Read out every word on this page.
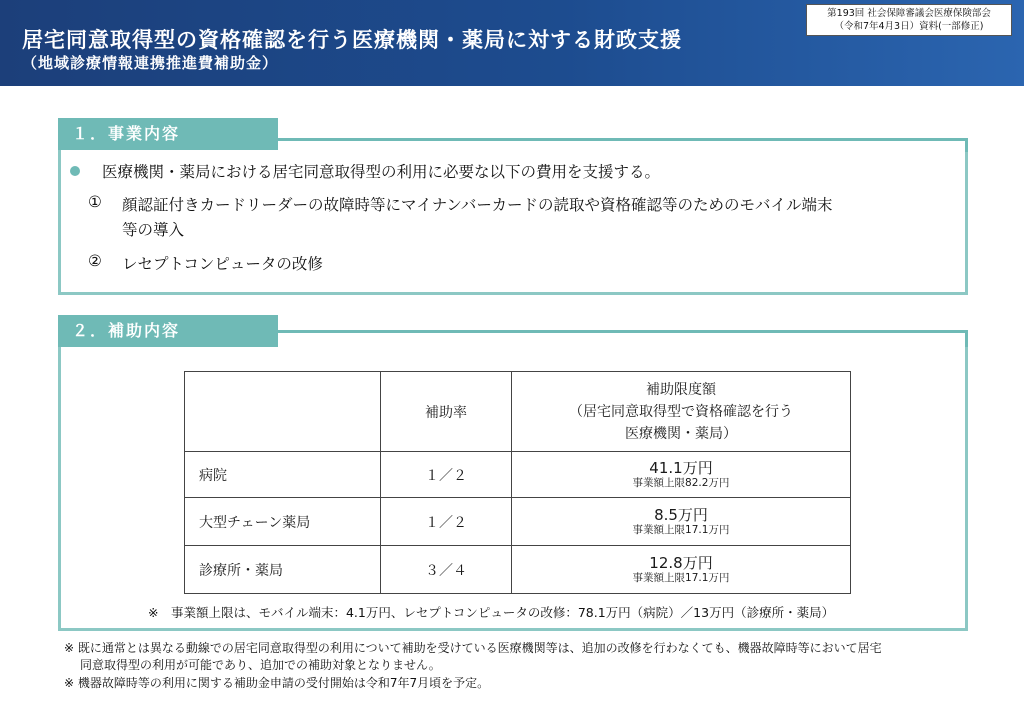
居宅同意取得型の資格確認を行う医療機関・薬局に対する財政支援
（地域診療情報連携推進費補助金）
第193回 社会保障審議会医療保険部会
（令和7年4月3日）資料(一部修正)
１．事業内容
医療機関・薬局における居宅同意取得型の利用に必要な以下の費用を支援する。
① 顔認証付きカードリーダーの故障時等にマイナンバーカードの読取や資格確認等のためのモバイル端末
等の導入
② レセプトコンピュータの改修
２．補助内容
	補助率	補助限度額
（居宅同意取得型で資格確認を行う
医療機関・薬局）

病院	１／２	41.1万円
事業額上限82.2万円

大型チェーン薬局	１／２	8.5万円
事業額上限17.1万円

診療所・薬局	３／４	12.8万円
事業額上限17.1万円
※　事業額上限は、モバイル端末：4.1万円、レセプトコンピュータの改修：78.1万円（病院）／13万円（診療所・薬局）
※ 既に通常とは異なる動線での居宅同意取得型の利用について補助を受けている医療機関等は、追加の改修を行わなくても、機器故障時等において居宅
同意取得型の利用が可能であり、追加での補助対象となりません。
※ 機器故障時等の利用に関する補助金申請の受付開始は令和7年7月頃を予定。
